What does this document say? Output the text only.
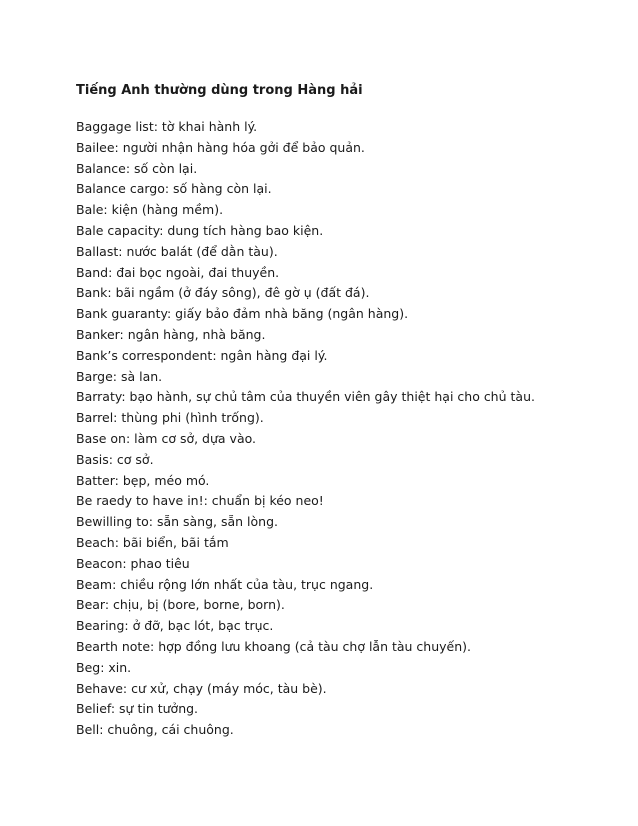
Tiếng Anh thường dùng trong Hàng hải
Baggage list: tờ khai hành lý.
Bailee: người nhận hàng hóa gởi để bảo quản.
Balance: số còn lại.
Balance cargo: số hàng còn lại.
Bale: kiện (hàng mềm).
Bale capacity: dung tích hàng bao kiện.
Ballast: nước balát (để dằn tàu).
Band: đai bọc ngoài, đai thuyền.
Bank: bãi ngầm (ở đáy sông), đê gờ ụ (đất đá).
Bank guaranty: giấy bảo đảm nhà băng (ngân hàng).
Banker: ngân hàng, nhà băng.
Bank’s correspondent: ngân hàng đại lý.
Barge: sà lan.
Barraty: bạo hành, sự chủ tâm của thuyền viên gây thiệt hại cho chủ tàu.
Barrel: thùng phi (hình trống).
Base on: làm cơ sở, dựa vào.
Basis: cơ sở.
Batter: bẹp, méo mó.
Be raedy to have in!: chuẩn bị kéo neo!
Bewilling to: sẵn sàng, sẵn lòng.
Beach: bãi biển, bãi tắm
Beacon: phao tiêu
Beam: chiều rộng lớn nhất của tàu, trục ngang.
Bear: chịu, bị (bore, borne, born).
Bearing: ở đỡ, bạc lót, bạc trục.
Bearth note: hợp đồng lưu khoang (cả tàu chợ lẫn tàu chuyến).
Beg: xin.
Behave: cư xử, chạy (máy móc, tàu bè).
Belief: sự tin tưởng.
Bell: chuông, cái chuông.
